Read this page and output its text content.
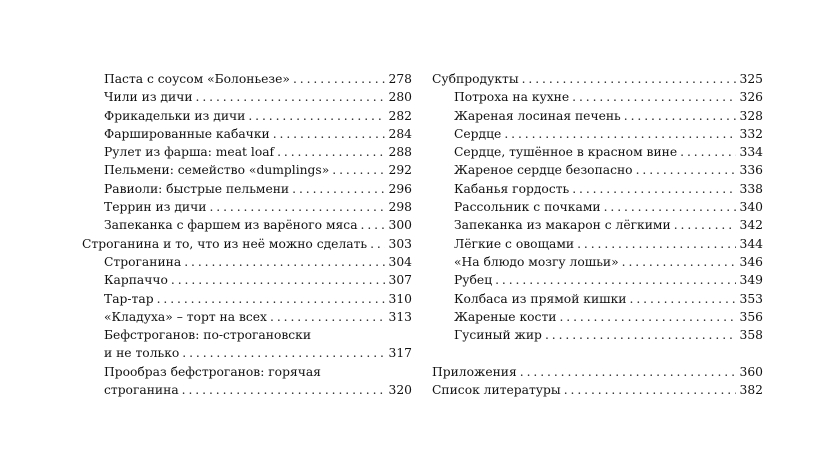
Паста с соусом «Болоньезе» . . .	278
Чили из дичи . . .	280
Фрикадельки из дичи . . .	282
Фаршированные кабачки . . .	284
Рулет из фарша: meat loaf . . .	288
Пельмени: семейство «dumplings» . . .	292
Равиоли: быстрые пельмени . . .	296
Террин из дичи . . .	298
Запеканка с фаршем из варёного мяса . . .	300
Строганина и то, что из неё можно сделать . . .	303
Строганина . . .	304
Карпаччо . . .	307
Тар-тар . . .	310
«Кладуха» – торт на всех . . .	313
Бефстроганов: по-строгановски
и не только . . .	317
Прообраз бефстроганов: горячая
строганина . . .	320
Субпродукты . . .	325
Потроха на кухне . . .	326
Жареная лосиная печень . . .	328
Сердце . . .	332
Сердце, тушённое в красном вине . . .	334
Жареное сердце безопасно . . .	336
Кабанья гордость . . .	338
Рассольник с почками . . .	340
Запеканка из макарон с лёгкими . . .	342
Лёгкие с овощами . . .	344
«На блюдо мозгу лошьи» . . .	346
Рубец . . .	349
Колбаса из прямой кишки . . .	353
Жареные кости . . .	356
Гусиный жир . . .	358
Приложения . . .	360
Список литературы . . .	382
